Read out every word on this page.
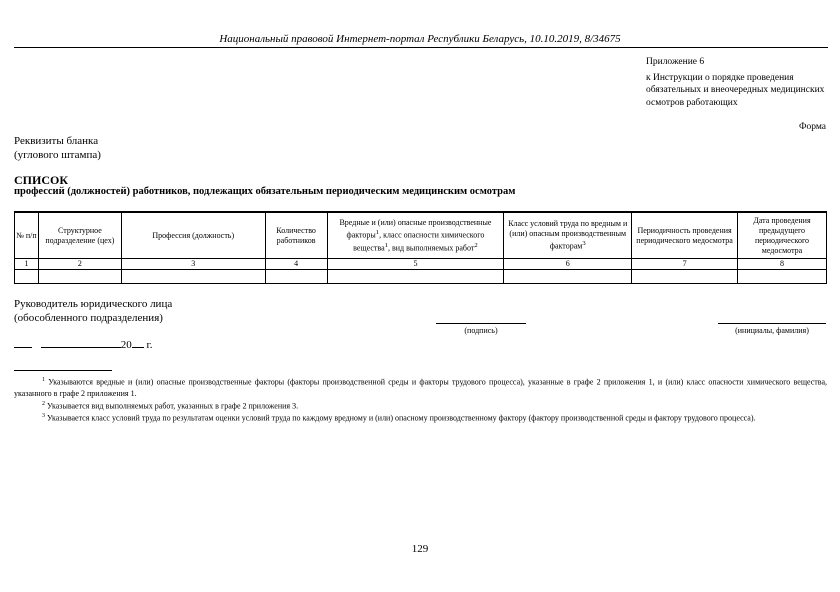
Национальный правовой Интернет-портал Республики Беларусь, 10.10.2019, 8/34675
Приложение 6
к Инструкции о порядке проведения обязательных и внеочередных медицинских осмотров работающих
Форма
Реквизиты бланка
(углового штампа)
СПИСОК
профессий (должностей) работников, подлежащих обязательным периодическим медицинским осмотрам
№ п/п	Структурное подразделение (цех)	Профессия (должность)	Количество работников	Вредные и (или) опасные производственные факторы$^1$, класс опасности химического вещества$^1$, вид выполняемых работ$^2$	Класс условий труда по вредным и (или) опасным производственным факторам$^3$	Периодичность проведения периодического медосмотра	Дата проведения предыдущего периодического медосмотра
1	2	3	4	5	6	7	8

Руководитель юридического лица
(обособленного подразделения)
(подпись)	(инициалы, фамилия)
20 г.

$^1$ Указываются вредные и (или) опасные производственные факторы (факторы производственной среды и факторы трудового процесса), указанные в графе 2 приложения 1, и (или) класс опасности химического вещества, указанного в графе 2 приложения 1.

$^2$ Указывается вид выполняемых работ, указанных в графе 2 приложения 3.

$^3$ Указывается класс условий труда по результатам оценки условий труда по каждому вредному и (или) опасному производственному фактору (фактору производственной среды и фактору трудового процесса).

129
